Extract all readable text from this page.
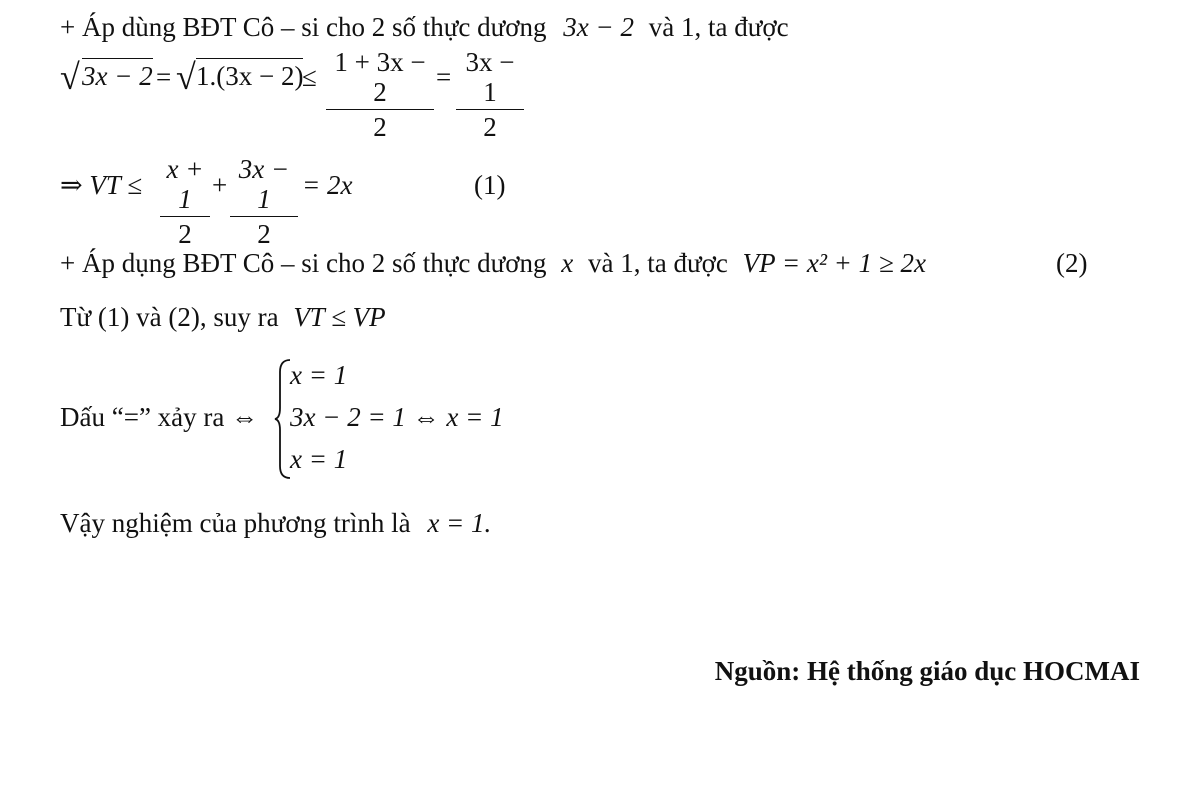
+ Áp dùng BĐT Cô – si cho 2 số thực dương 3x − 2 và 1, ta được
√ 3x − 2 = √ 1.(3x − 2)
≤ 1 + 3x − 2
2
= 3x − 1
2
⇒ VT ≤
x + 1
2
+
3x − 1
2
= 2x	(1)
+ Áp dụng BĐT Cô – si cho 2 số thực dương x và 1, ta được VP = x² + 1 ≥ 2x	(2)
Từ (1) và (2), suy ra VT ≤ VP
Dấu “=” xảy ra ⇔
x = 1
3x − 2 = 1 ⇔ x = 1
x = 1
Vậy nghiệm của phương trình là x = 1.
Nguồn: Hệ thống giáo dục HOCMAI
